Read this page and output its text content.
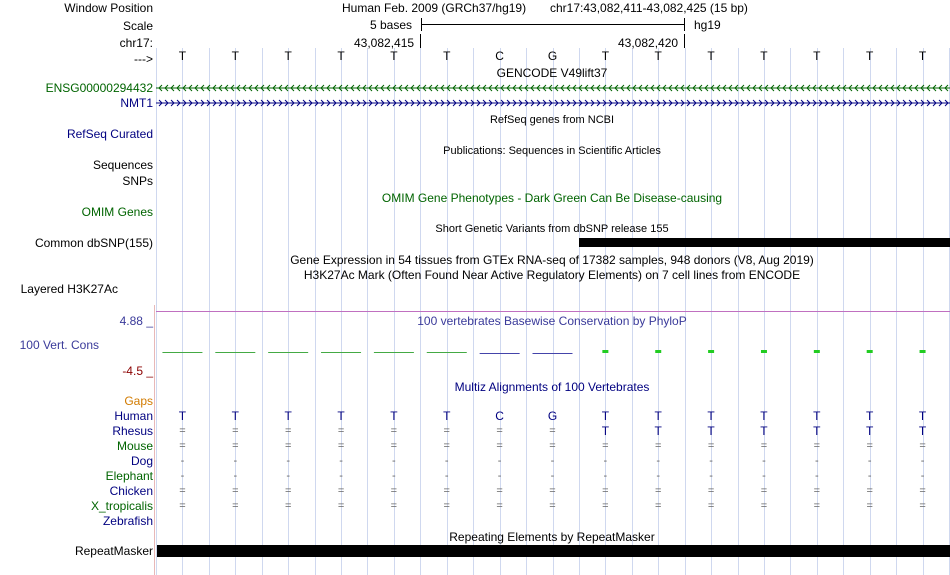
Window Position
Scale
chr17:
--->
Human Feb. 2009 (GRCh37/hg19) chr17:43,082,411-43,082,425 (15 bp)
5 bases	hg19
43,082,415	43,082,420
T	T	T	T	T	T	C	G	T	T	T	T	T	T	T
GENCODE V49lift37
ENSG00000294432
NMT1
RefSeq genes from NCBI
RefSeq Curated
Publications: Sequences in Scientific Articles
Sequences
SNPs
OMIM Gene Phenotypes - Dark Green Can Be Disease-causing
OMIM Genes
Short Genetic Variants from dbSNP release 155
Common dbSNP(155)
Gene Expression in 54 tissues from GTEx RNA-seq of 17382 samples, 948 donors (V8, Aug 2019)
H3K27Ac Mark (Often Found Near Active Regulatory Elements) on 7 cell lines from ENCODE
Layered H3K27Ac
4.88 _	100 vertebrates Basewise Conservation by PhyloP
100 Vert. Cons
-4.5 _
Multiz Alignments of 100 Vertebrates
Gaps
Human	T	T	T	T	T	T	C	G	T	T	T	T	T	T	T
Rhesus	=	=	=	=	=	=	=	=	T	T	T	T	T	T	T
Mouse	=	=	=	=	=	=	=	=	=	=	=	=	=	=	=
Dog	-	-	-	-	-	-	-	-	-	-	-	-	-	-	-
Elephant	-	-	-	-	-	-	-	-	-	-	-	-	-	-	-
Chicken	=	=	=	=	=	=	=	=	=	=	=	=	=	=	=
X_tropicalis	=	=	=	=	=	=	=	=	=	=	=	=	=	=	=
Zebrafish
Repeating Elements by RepeatMasker
RepeatMasker
